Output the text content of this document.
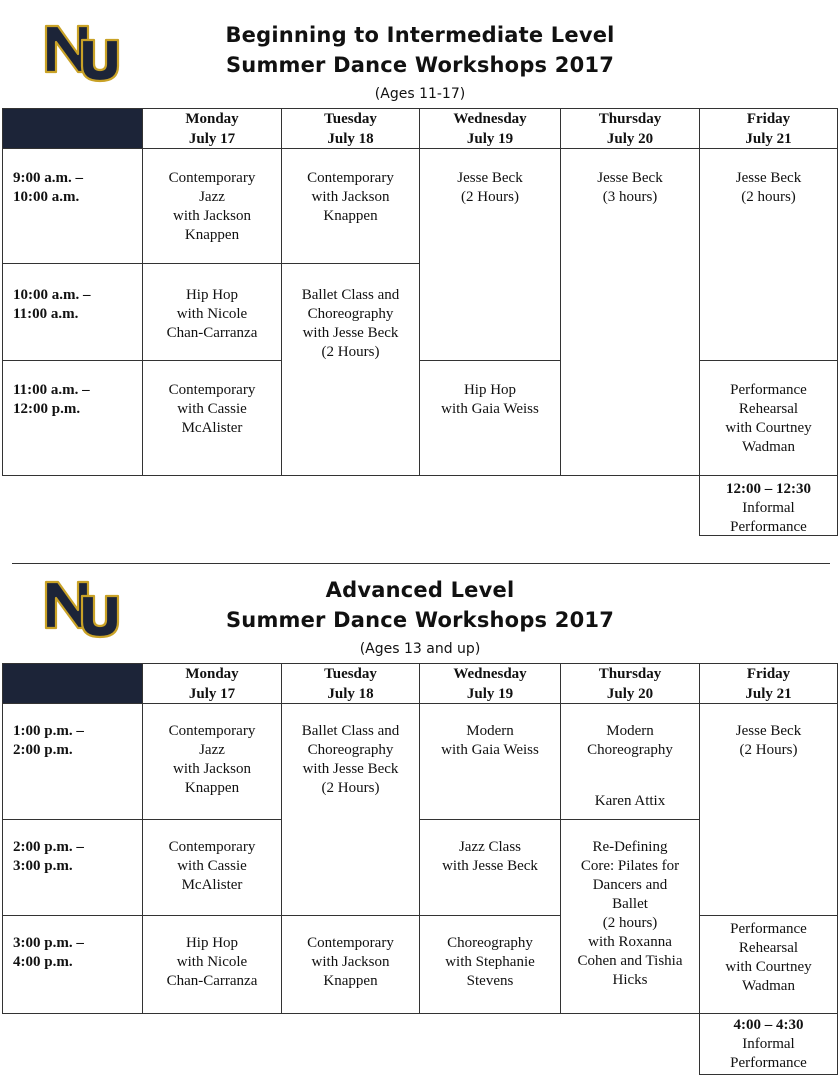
Beginning to Intermediate Level
Summer Dance Workshops 2017
(Ages 11-17)
Monday
July 17
Tuesday
July 18
Wednesday
July 19
Thursday
July 20
Friday
July 21
9:00 a.m. –
10:00 a.m.
10:00 a.m. –
11:00 a.m.
11:00 a.m. –
12:00 p.m.
Contemporary
Jazz
with Jackson
Knappen
Hip Hop
with Nicole
Chan-Carranza
Contemporary
with Cassie
McAlister
Contemporary
with Jackson
Knappen
Ballet Class and
Choreography
with Jesse Beck
(2 Hours)
Jesse Beck
(2 Hours)
Hip Hop
with Gaia Weiss
Jesse Beck
(3 hours)
Jesse Beck
(2 hours)
Performance
Rehearsal
with Courtney
Wadman
12:00 – 12:30
Informal
Performance
Advanced Level
Summer Dance Workshops 2017
(Ages 13 and up)
Monday
July 17
Tuesday
July 18
Wednesday
July 19
Thursday
July 20
Friday
July 21
1:00 p.m. –
2:00 p.m.
2:00 p.m. –
3:00 p.m.
3:00 p.m. –
4:00 p.m.
Contemporary
Jazz
with Jackson
Knappen
Contemporary
with Cassie
McAlister
Hip Hop
with Nicole
Chan-Carranza
Ballet Class and
Choreography
with Jesse Beck
(2 Hours)
Contemporary
with Jackson
Knappen
Modern
with Gaia Weiss
Jazz Class
with Jesse Beck
Choreography
with Stephanie
Stevens
Modern
Choreography
Karen Attix
Re-Defining
Core: Pilates for
Dancers and
Ballet
(2 hours)
with Roxanna
Cohen and Tishia
Hicks
Jesse Beck
(2 Hours)
Performance
Rehearsal
with Courtney
Wadman
4:00 – 4:30
Informal
Performance
